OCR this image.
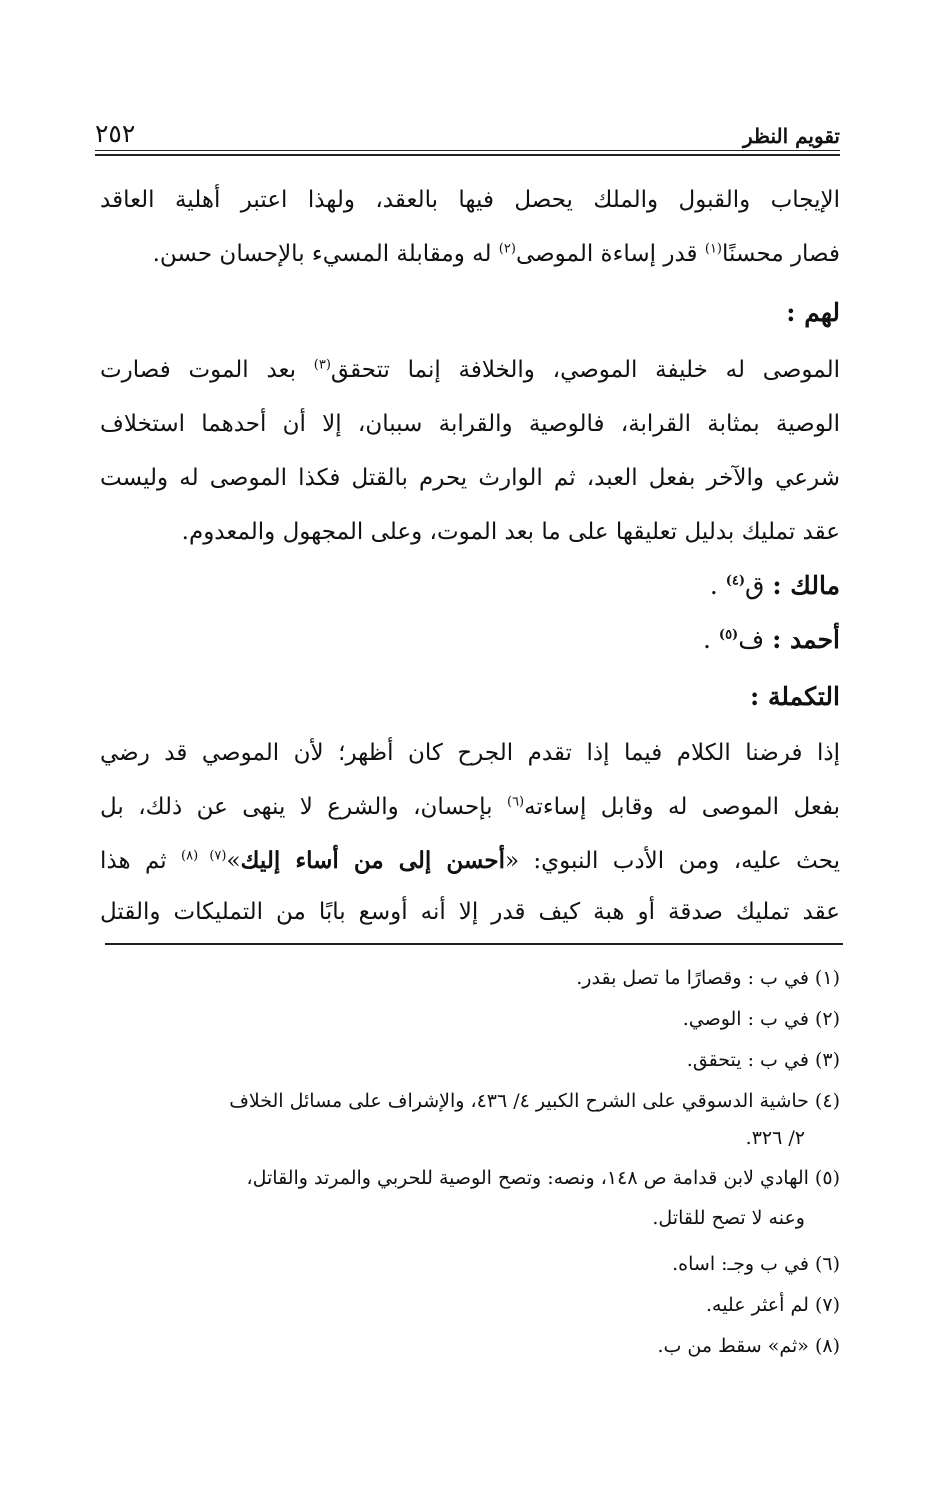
تقويم النظر
٢٥٢
الإيجاب والقبول والملك يحصل فيها بالعقد، ولهذا اعتبر أهلية العاقد
فصار محسنًا$^{(١)}$ قدر إساءة الموصى$^{(٢)}$ له ومقابلة المسيء بالإحسان حسن.
لهم :
الموصى له خليفة الموصي، والخلافة إنما تتحقق$^{(٣)}$ بعد الموت فصارت
الوصية بمثابة القرابة، فالوصية والقرابة سببان، إلا أن أحدهما استخلاف
شرعي والآخر بفعل العبد، ثم الوارث يحرم بالقتل فكذا الموصى له وليست
عقد تمليك بدليل تعليقها على ما بعد الموت، وعلى المجهول والمعدوم.
مالك : ق$^{(٤)}$ .
أحمد : ف$^{(٥)}$ .
التكملة :
إذا فرضنا الكلام فيما إذا تقدم الجرح كان أظهر؛ لأن الموصي قد رضي
بفعل الموصى له وقابل إساءته$^{(٦)}$ بإحسان، والشرع لا ينهى عن ذلك، بل
يحث عليه، ومن الأدب النبوي: «أحسن إلى من أساء إليك»$^{(٧) (٨)}$ ثم هذا
عقد تمليك صدقة أو هبة كيف قدر إلا أنه أوسع بابًا من التمليكات والقتل
(١) في ب : وقصارًا ما تصل بقدر.
(٢) في ب : الوصي.
(٣) في ب : يتحقق.
(٤) حاشية الدسوقي على الشرح الكبير ٤/ ٤٣٦، والإشراف على مسائل الخلاف
٢/ ٣٢٦.
(٥) الهادي لابن قدامة ص ١٤٨، ونصه: وتصح الوصية للحربي والمرتد والقاتل،
وعنه لا تصح للقاتل.
(٦) في ب وجـ: اساه.
(٧) لم أعثر عليه.
(٨) «ثم» سقط من ب.
